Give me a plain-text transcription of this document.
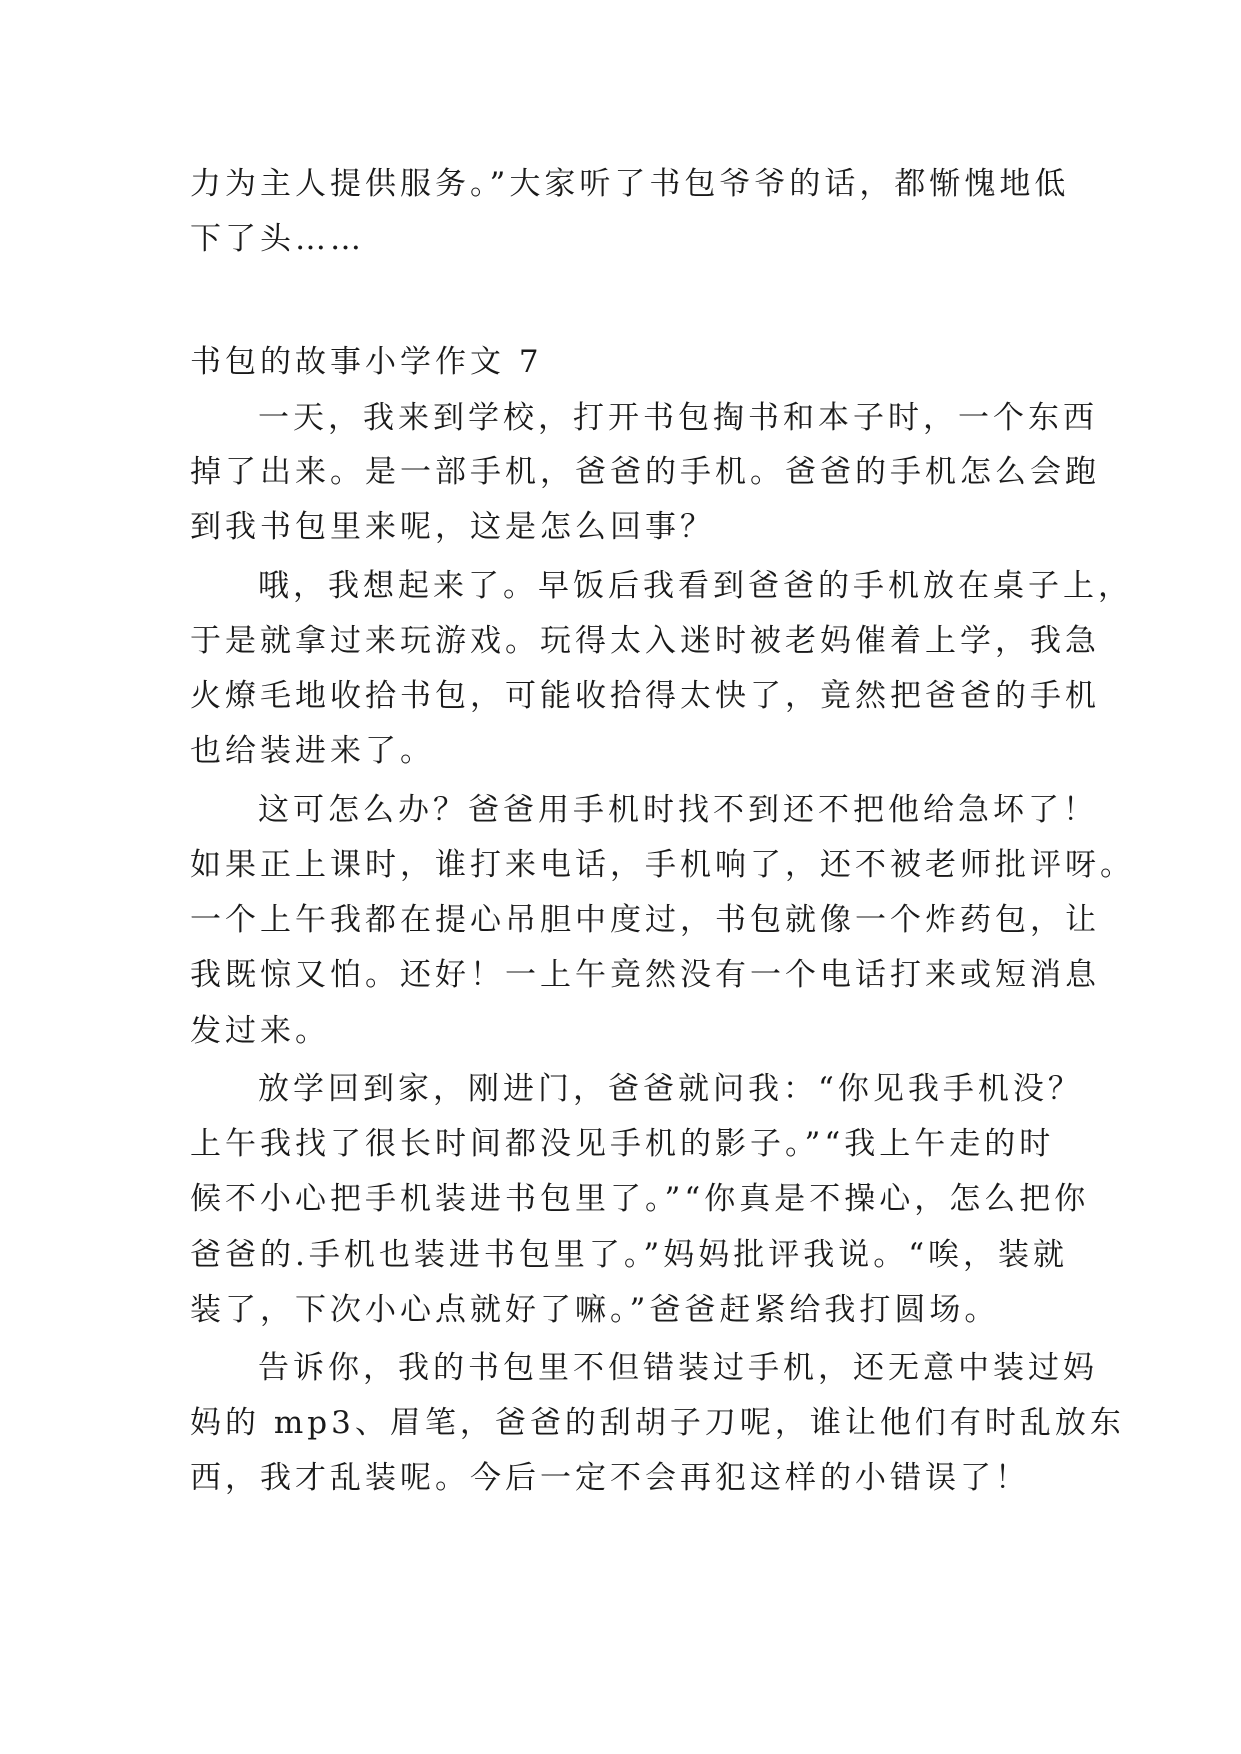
力为主人提供服务。”大家听了书包爷爷的话，都惭愧地低
下了头……
书包的故事小学作文 7
一天，我来到学校，打开书包掏书和本子时，一个东西
掉了出来。是一部手机，爸爸的手机。爸爸的手机怎么会跑
到我书包里来呢，这是怎么回事？
哦，我想起来了。早饭后我看到爸爸的手机放在桌子上，
于是就拿过来玩游戏。玩得太入迷时被老妈催着上学，我急
火燎毛地收拾书包，可能收拾得太快了，竟然把爸爸的手机
也给装进来了。
这可怎么办？爸爸用手机时找不到还不把他给急坏了！
如果正上课时，谁打来电话，手机响了，还不被老师批评呀。
一个上午我都在提心吊胆中度过，书包就像一个炸药包，让
我既惊又怕。还好！一上午竟然没有一个电话打来或短消息
发过来。
放学回到家，刚进门，爸爸就问我：“你见我手机没？
上午我找了很长时间都没见手机的影子。”“我上午走的时
候不小心把手机装进书包里了。”“你真是不操心，怎么把你
爸爸的.手机也装进书包里了。”妈妈批评我说。“唉，装就
装了，下次小心点就好了嘛。”爸爸赶紧给我打圆场。
告诉你，我的书包里不但错装过手机，还无意中装过妈
妈的 mp3、眉笔，爸爸的刮胡子刀呢，谁让他们有时乱放东
西，我才乱装呢。今后一定不会再犯这样的小错误了！
